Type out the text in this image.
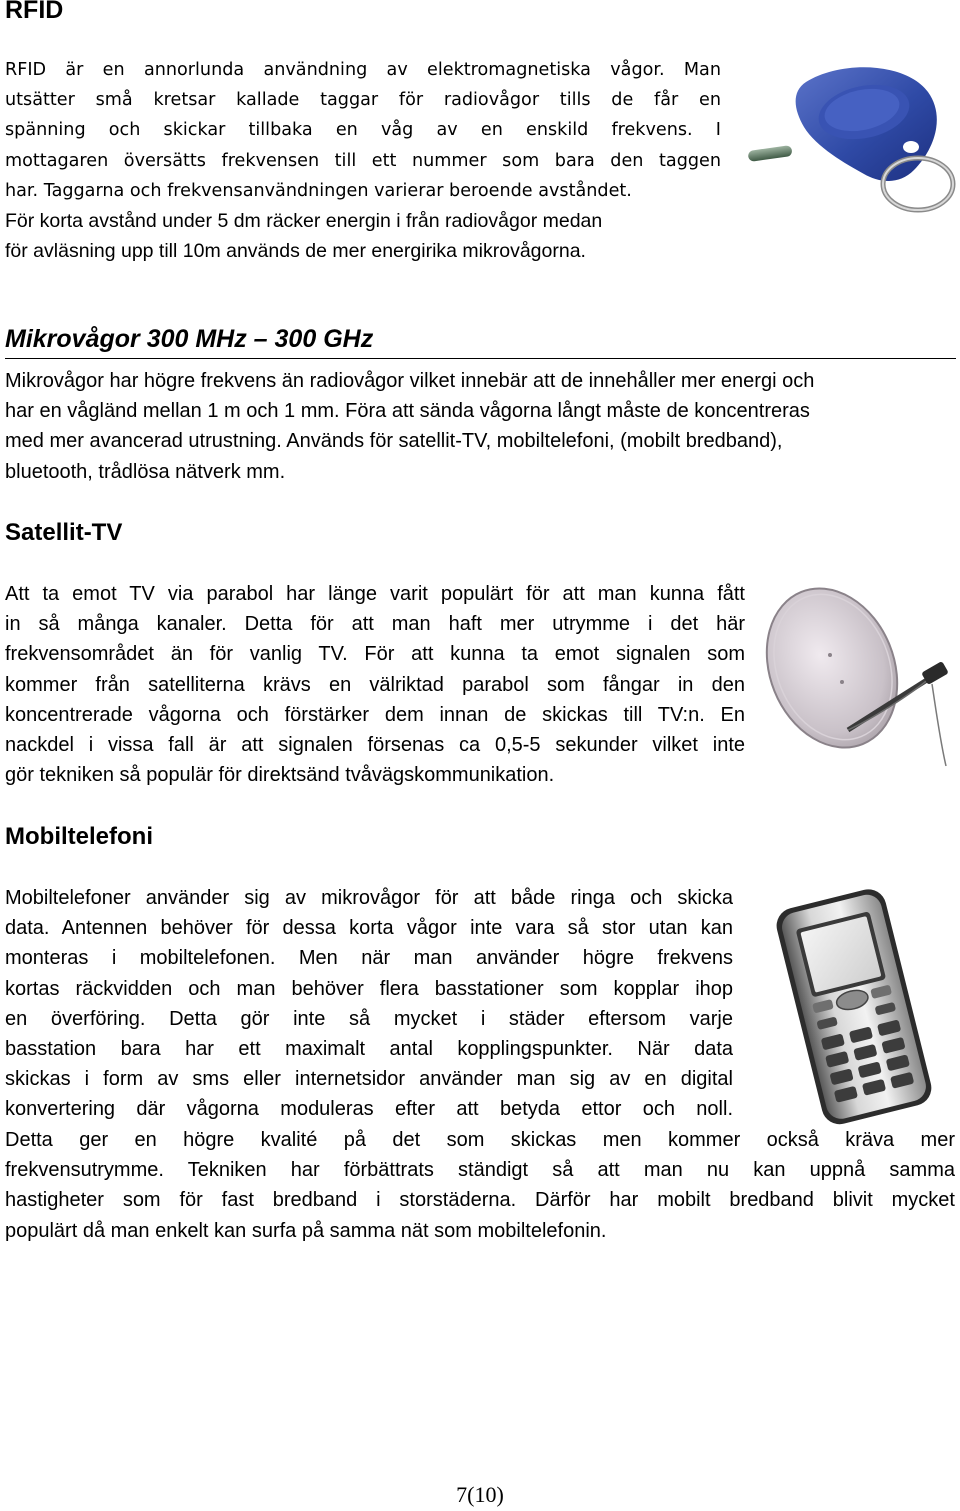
RFID
RFID är en annorlunda användning av elektromagnetiska vågor. Man
utsätter små kretsar kallade taggar för radiovågor tills de får en
spänning och skickar tillbaka en våg av en enskild frekvens. I
mottagaren översätts frekvensen till ett nummer som bara den taggen
har. Taggarna och frekvensanvändningen varierar beroende avståndet.
För korta avstånd under 5 dm räcker energin i från radiovågor medan
för avläsning upp till 10m används de mer energirika mikrovågorna.
Mikrovågor 300 MHz – 300 GHz
Mikrovågor har högre frekvens än radiovågor vilket innebär att de innehåller mer energi och
har en vågländ mellan 1 m och 1 mm. Föra att sända vågorna långt måste de koncentreras
med mer avancerad utrustning. Används för satellit-TV, mobiltelefoni, (mobilt bredband),
bluetooth, trådlösa nätverk mm.
Satellit-TV
Att ta emot TV via parabol har länge varit populärt för att man kunna fått
in så många kanaler. Detta för att man haft mer utrymme i det här
frekvensområdet än för vanlig TV. För att kunna ta emot signalen som
kommer från satelliterna krävs en välriktad parabol som fångar in den
koncentrerade vågorna och förstärker dem innan de skickas till TV:n. En
nackdel i vissa fall är att signalen försenas ca 0,5-5 sekunder vilket inte
gör tekniken så populär för direktsänd tvåvägskommunikation.
Mobiltelefoni
Mobiltelefoner använder sig av mikrovågor för att både ringa och skicka
data. Antennen behöver för dessa korta vågor inte vara så stor utan kan
monteras i mobiltelefonen. Men när man använder högre frekvens
kortas räckvidden och man behöver flera basstationer som kopplar ihop
en överföring. Detta gör inte så mycket i städer eftersom varje
basstation bara har ett maximalt antal kopplingspunkter. När data
skickas i form av sms eller internetsidor använder man sig av en digital
konvertering där vågorna moduleras efter att betyda ettor och noll.
Detta ger en högre kvalité på det som skickas men kommer också kräva mer
frekvensutrymme. Tekniken har förbättrats ständigt så att man nu kan uppnå samma
hastigheter som för fast bredband i storstäderna. Därför har mobilt bredband blivit mycket
populärt då man enkelt kan surfa på samma nät som mobiltelefonin.
7(10)
